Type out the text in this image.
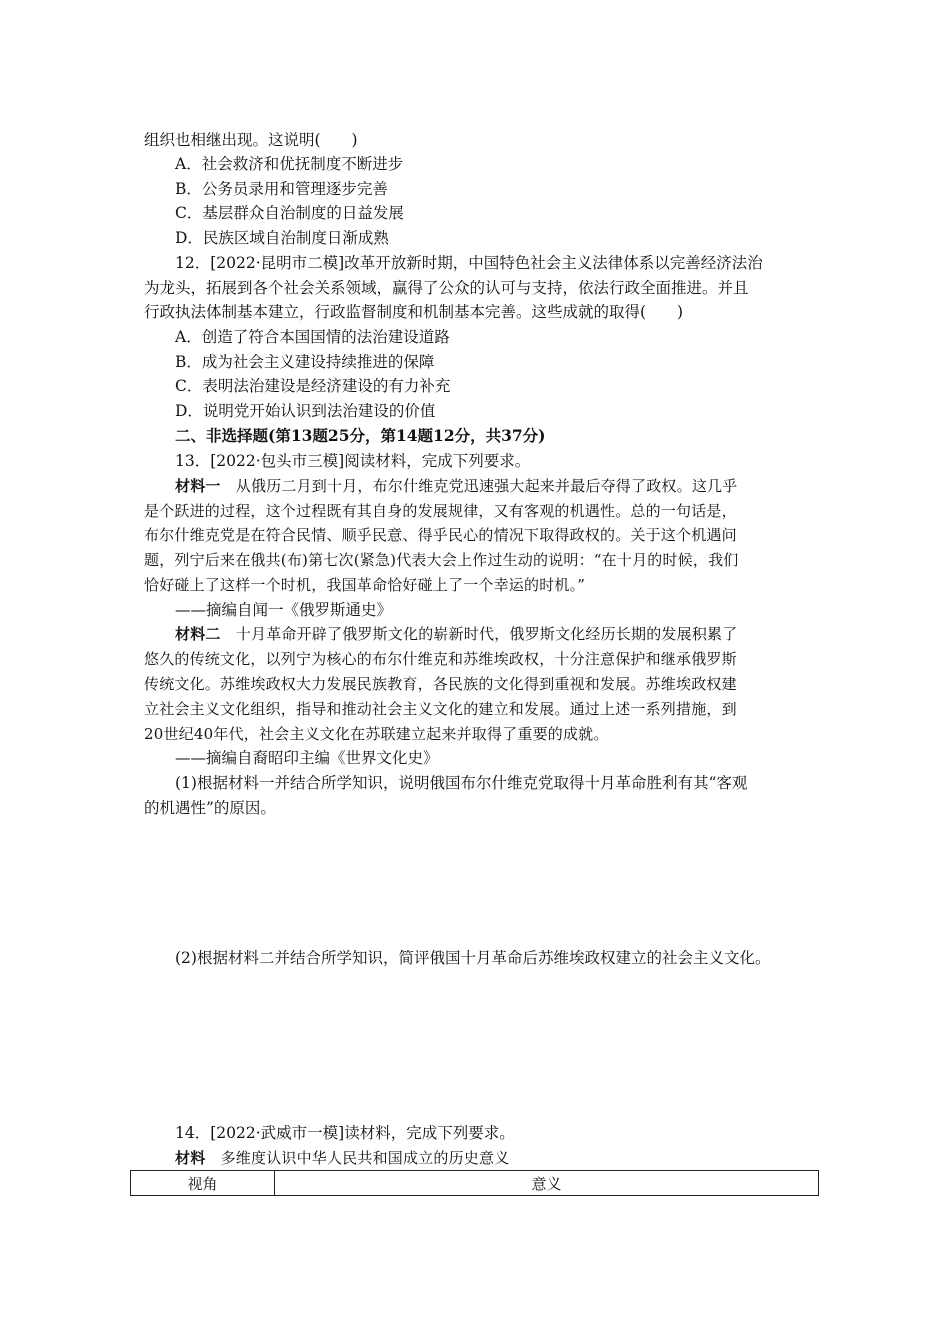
组织也相继出现。这说明(　　)
A．社会救济和优抚制度不断进步
B．公务员录用和管理逐步完善
C．基层群众自治制度的日益发展
D．民族区域自治制度日渐成熟
12．[2022·昆明市二模]改革开放新时期，中国特色社会主义法律体系以完善经济法治
为龙头，拓展到各个社会关系领域，赢得了公众的认可与支持，依法行政全面推进。并且
行政执法体制基本建立，行政监督制度和机制基本完善。这些成就的取得(　　)
A．创造了符合本国国情的法治建设道路
B．成为社会主义建设持续推进的保障
C．表明法治建设是经济建设的有力补充
D．说明党开始认识到法治建设的价值
二、非选择题(第13题25分，第14题12分，共37分)
13．[2022·包头市三模]阅读材料，完成下列要求。
材料一　从俄历二月到十月，布尔什维克党迅速强大起来并最后夺得了政权。这几乎
是个跃进的过程，这个过程既有其自身的发展规律，又有客观的机遇性。总的一句话是，
布尔什维克党是在符合民情、顺乎民意、得乎民心的情况下取得政权的。关于这个机遇问
题，列宁后来在俄共(布)第七次(紧急)代表大会上作过生动的说明：“在十月的时候，我们
恰好碰上了这样一个时机，我国革命恰好碰上了一个幸运的时机。”
——摘编自闻一《俄罗斯通史》
材料二　十月革命开辟了俄罗斯文化的崭新时代，俄罗斯文化经历长期的发展积累了
悠久的传统文化，以列宁为核心的布尔什维克和苏维埃政权，十分注意保护和继承俄罗斯
传统文化。苏维埃政权大力发展民族教育，各民族的文化得到重视和发展。苏维埃政权建
立社会主义文化组织，指导和推动社会主义文化的建立和发展。通过上述一系列措施，到
20世纪40年代，社会主义文化在苏联建立起来并取得了重要的成就。
——摘编自裔昭印主编《世界文化史》
(1)根据材料一并结合所学知识，说明俄国布尔什维克党取得十月革命胜利有其“客观
的机遇性”的原因。
(2)根据材料二并结合所学知识，简评俄国十月革命后苏维埃政权建立的社会主义文化。
14．[2022·武威市一模]读材料，完成下列要求。
材料　多维度认识中华人民共和国成立的历史意义
视角	意义
